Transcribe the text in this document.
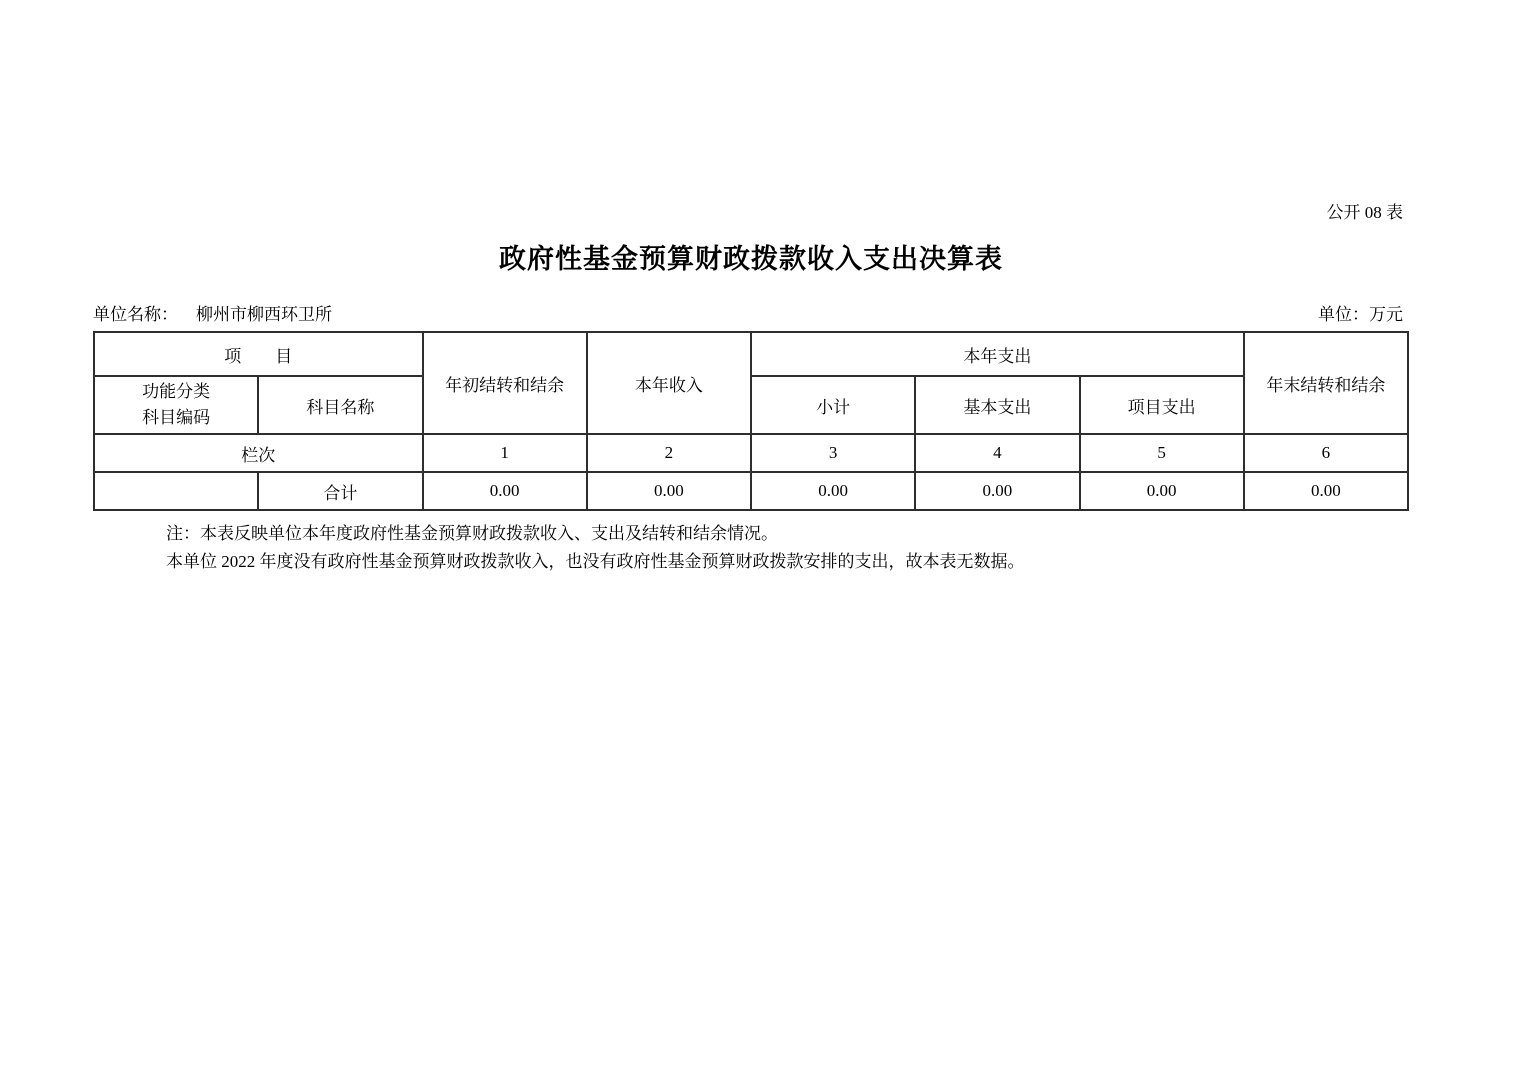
公开 08 表
政府性基金预算财政拨款收入支出决算表
单位名称： 柳州市柳西环卫所	单位：万元
项　　目		年初结转和结余	本年收入	本年支出			年末结转和结余

功能分类
科目编码	科目名称			小计	基本支出	项目支出	
栏次		1	2	3	4	5	6
	合计	0.00	0.00	0.00	0.00	0.00	0.00
注：本表反映单位本年度政府性基金预算财政拨款收入、支出及结转和结余情况。
本单位 2022 年度没有政府性基金预算财政拨款收入，也没有政府性基金预算财政拨款安排的支出，故本表无数据。
